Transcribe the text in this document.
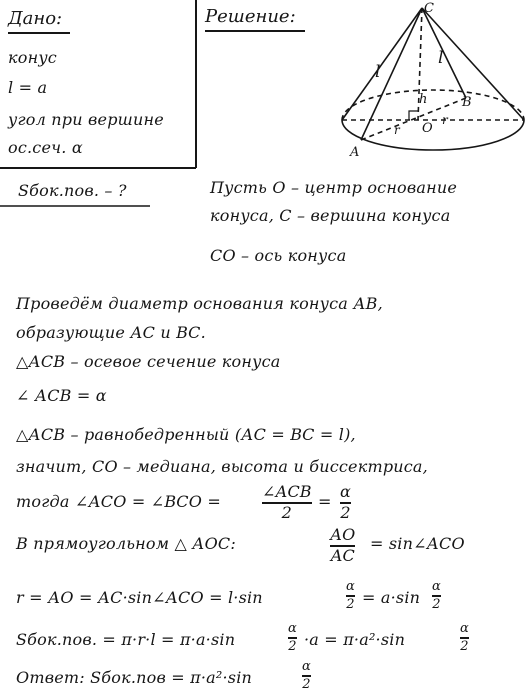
Дано:
конус
l = a
угол при вершине
ос.сеч. α
Sбок.пов. – ?
Решение:	C
A
B
O
l
l
h
r
r
Пусть О – центр основание
конуса, С – вершина конуса
СО – ось конуса
Проведём диаметр основания конуса АВ,
образующие АС и ВС.
△АСВ – осевое сечение конуса
∠ АСВ = α
△АСВ – равнобедренный (АС = ВС = l),
значит, СО – медиана, высота и биссектриса,
тогда ∠АСО = ∠ВСО =
∠АСВ
2
=
α
2
В прямоугольном △ АОС:	АО
АС
= sin∠АСО
r = АО = АС·sin∠АСО = l·sin
α
2 = a·sin
α
2
Sбок.пов. = π·r·l = π·a·sin
α
2 ·a = π·a²·sin
α
2
Ответ: Sбок.пов = π·a²·sin
α
2
